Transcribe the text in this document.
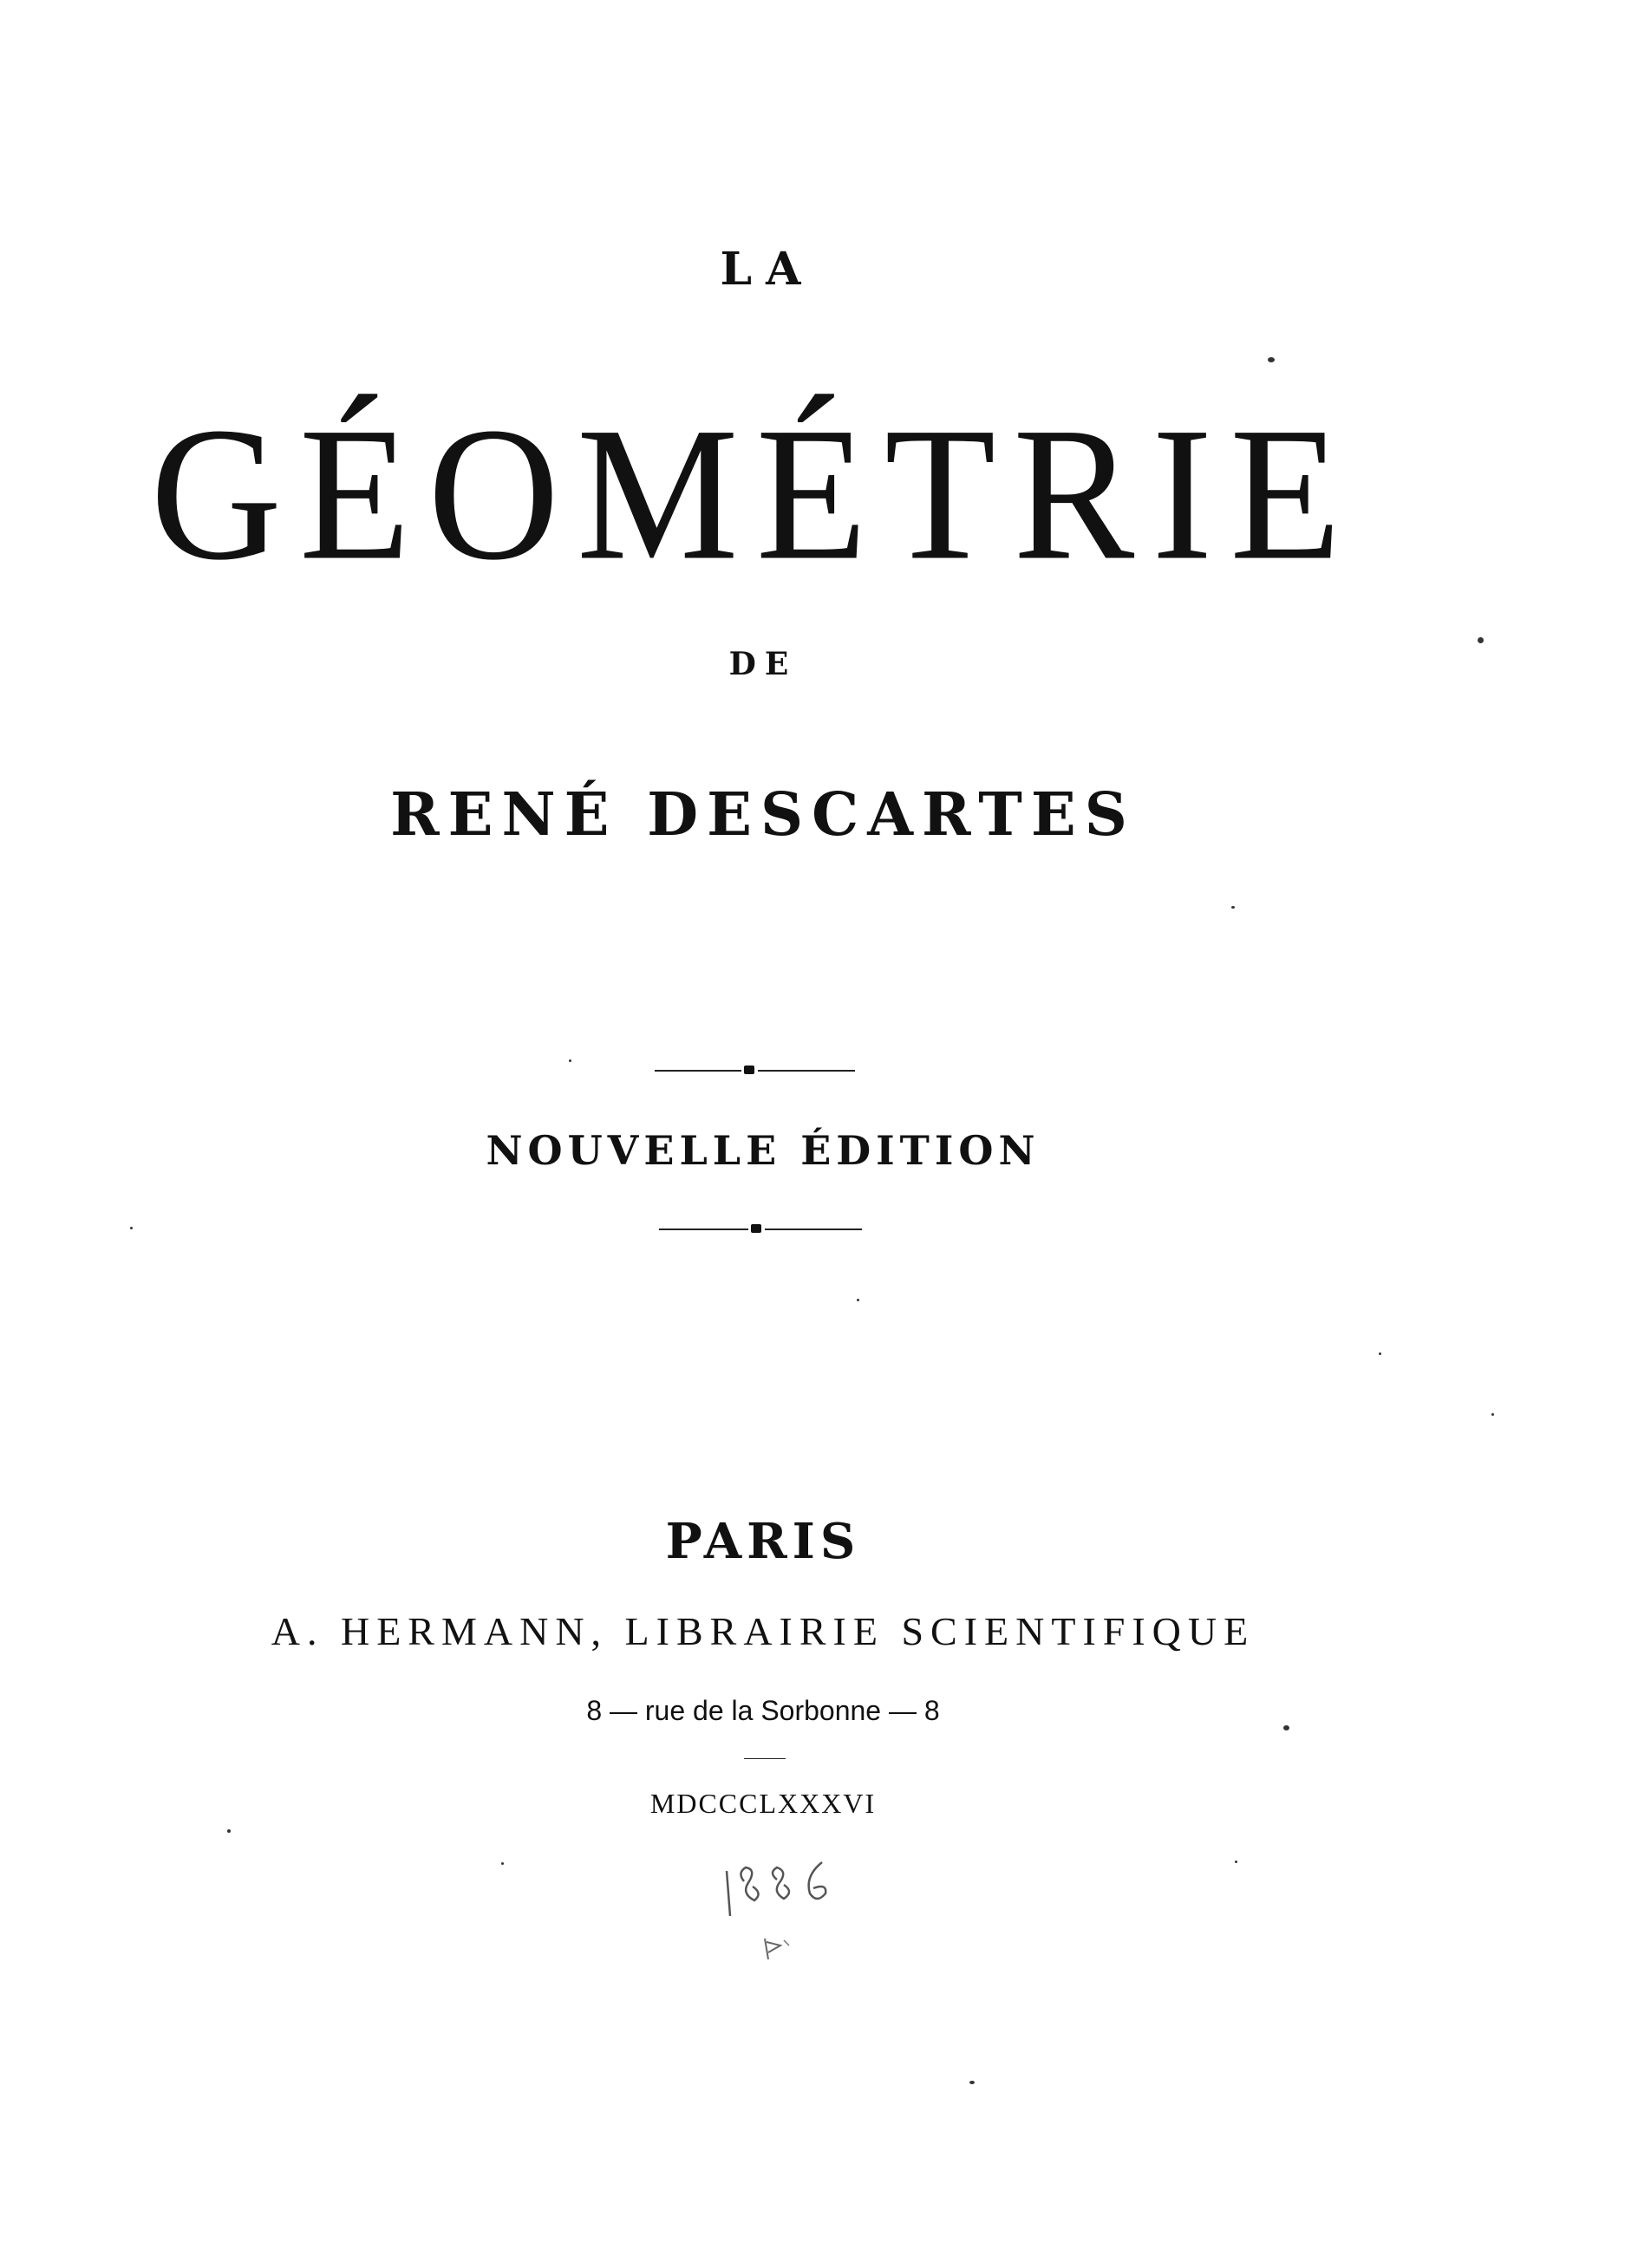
LA
GÉOMÉTRIE
DE
RENÉ DESCARTES
NOUVELLE ÉDITION
PARIS
A. HERMANN, LIBRAIRIE SCIENTIFIQUE
8 — rue de la Sorbonne — 8
MDCCCLXXXVI
